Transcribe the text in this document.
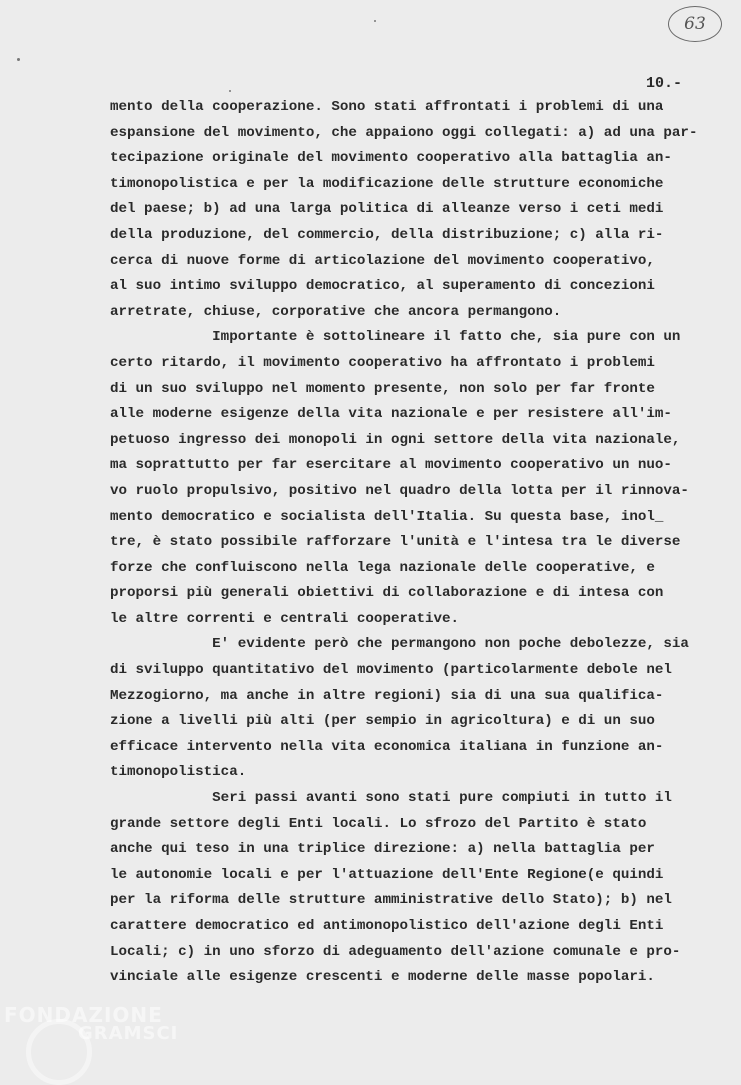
63
10.-
mento della cooperazione. Sono stati affrontati i problemi di una
espansione del movimento, che appaiono oggi collegati: a) ad una par-
tecipazione originale del movimento cooperativo alla battaglia an-
timonopolistica e per la modificazione delle strutture economiche
del paese; b) ad una larga politica di alleanze verso i ceti medi
della produzione, del commercio, della distribuzione; c) alla ri-
cerca di nuove forme di articolazione del movimento cooperativo,
al suo intimo sviluppo democratico, al superamento di concezioni
arretrate, chiuse, corporative che ancora permangono.
Importante è sottolineare il fatto che, sia pure con un
certo ritardo, il movimento cooperativo ha affrontato i problemi
di un suo sviluppo nel momento presente, non solo per far fronte
alle moderne esigenze della vita nazionale e per resistere all'im-
petuoso ingresso dei monopoli in ogni settore della vita nazionale,
ma soprattutto per far esercitare al movimento cooperativo un nuo-
vo ruolo propulsivo, positivo nel quadro della lotta per il rinnova-
mento democratico e socialista dell'Italia. Su questa base, inol_
tre, è stato possibile rafforzare l'unità e l'intesa tra le diverse
forze che confluiscono nella lega nazionale delle cooperative, e
proporsi più generali obiettivi di collaborazione e di intesa con
le altre correnti e centrali cooperative.
E' evidente però che permangono non poche debolezze, sia
di sviluppo quantitativo del movimento (particolarmente debole nel
Mezzogiorno, ma anche in altre regioni) sia di una sua qualifica-
zione a livelli più alti (per sempio in agricoltura) e di un suo
efficace intervento nella vita economica italiana in funzione an-
timonopolistica.
Seri passi avanti sono stati pure compiuti in tutto il
grande settore degli Enti locali. Lo sfrozo del Partito è stato
anche qui teso in una triplice direzione: a) nella battaglia per
le autonomie locali e per l'attuazione dell'Ente Regione(e quindi
per la riforma delle strutture amministrative dello Stato); b) nel
carattere democratico ed antimonopolistico dell'azione degli Enti
Locali; c) in uno sforzo di adeguamento dell'azione comunale e pro-
vinciale alle esigenze crescenti e moderne delle masse popolari.
FONDAZIONE
GRAMSCI
